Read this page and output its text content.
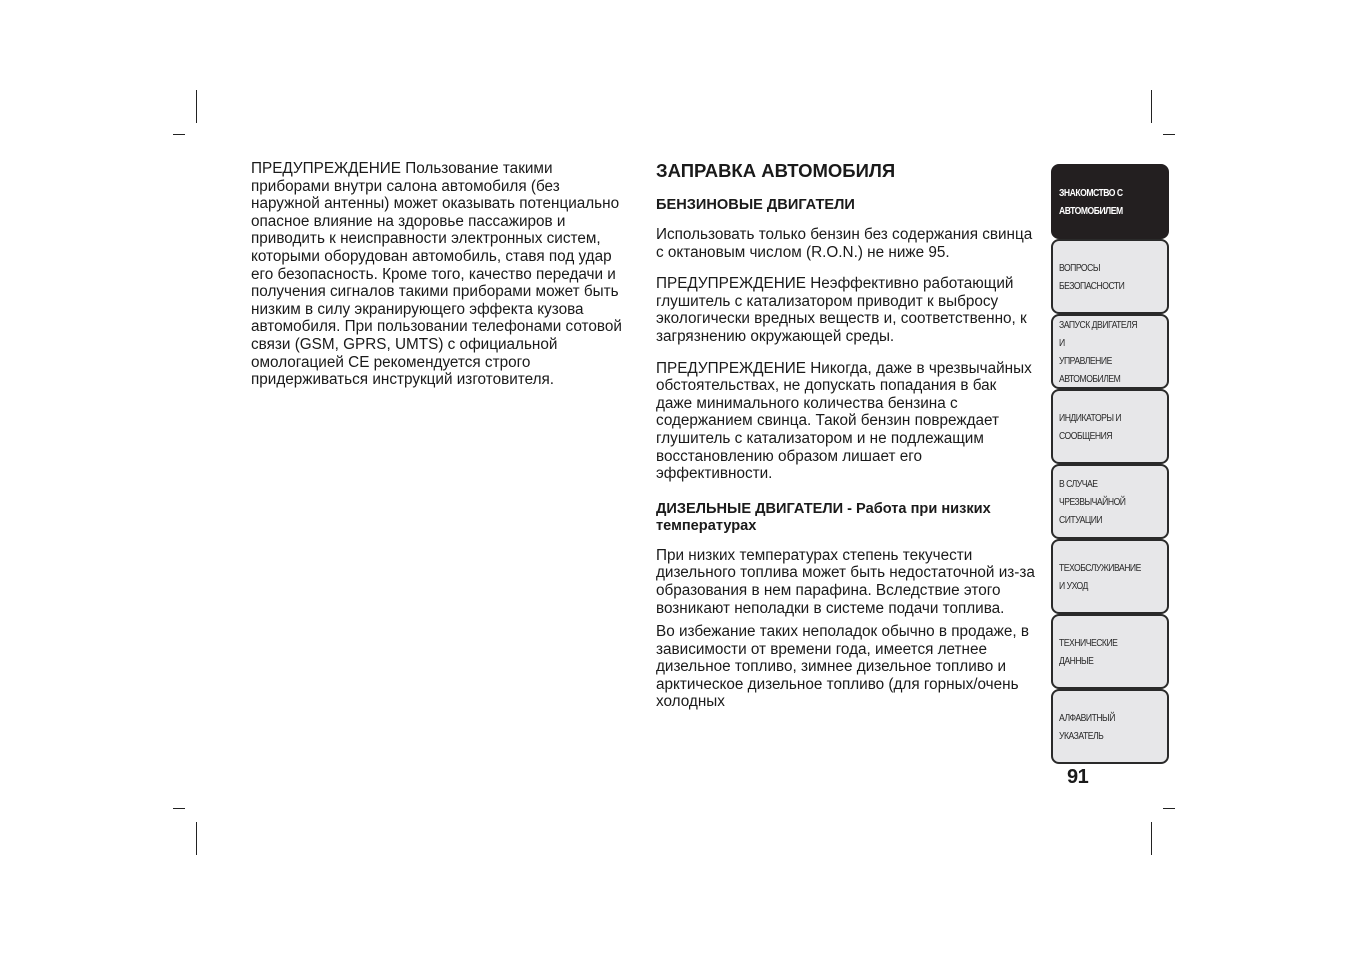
ПРЕДУПРЕЖДЕНИЕ Пользование такими приборами внутри салона автомобиля (без наружной антенны) может оказывать потенциально опасное влияние на здоровье пассажиров и приводить к неисправности электронных систем, которыми оборудован автомобиль, ставя под удар его безопасность. Кроме того, качество передачи и получения сигналов такими приборами может быть низким в силу экранирующего эффекта кузова автомобиля. При пользовании телефонами сотовой связи (GSM, GPRS, UMTS) с официальной омологацией СЕ рекомендуется строго придерживаться инструкций изготовителя.

ЗАПРАВКА АВТОМОБИЛЯ

БЕНЗИНОВЫЕ ДВИГАТЕЛИ

Использовать только бензин без содержания свинца с октановым числом (R.O.N.) не ниже 95.

ПРЕДУПРЕЖДЕНИЕ Неэффективно работающий глушитель с катализатором приводит к выбросу экологически вредных веществ и, соответственно, к загрязнению окружающей среды.

ПРЕДУПРЕЖДЕНИЕ Никогда, даже в чрезвычайных обстоятельствах, не допускать попадания в бак даже минимального количества бензина с содержанием свинца. Такой бензин повреждает глушитель с катализатором и не подлежащим восстановлению образом лишает его эффективности.

ДИЗЕЛЬНЫЕ ДВИГАТЕЛИ - Работа при низких температурах

При низких температурах степень текучести дизельного топлива может быть недостаточной из-за образования в нем парафина. Вследствие этого возникают неполадки в системе подачи топлива.

Во избежание таких неполадок обычно в продаже, в зависимости от времени года, имеется летнее дизельное топливо, зимнее дизельное топливо и арктическое дизельное топливо (для горных/очень холодных

ЗНАКОМСТВО С
АВТОМОБИЛЕМ
ВОПРОСЫ
БЕЗОПАСНОСТИ
ЗАПУСК ДВИГАТЕЛЯ И
УПРАВЛЕНИЕ
АВТОМОБИЛЕМ
ИНДИКАТОРЫ И
СООБЩЕНИЯ
В СЛУЧАЕ
ЧРЕЗВЫЧАЙНОЙ
СИТУАЦИИ
ТЕХОБСЛУЖИВАНИЕ
И УХОД
ТЕХНИЧЕСКИЕ
ДАННЫЕ
АЛФАВИТНЫЙ
УКАЗАТЕЛЬ
91
